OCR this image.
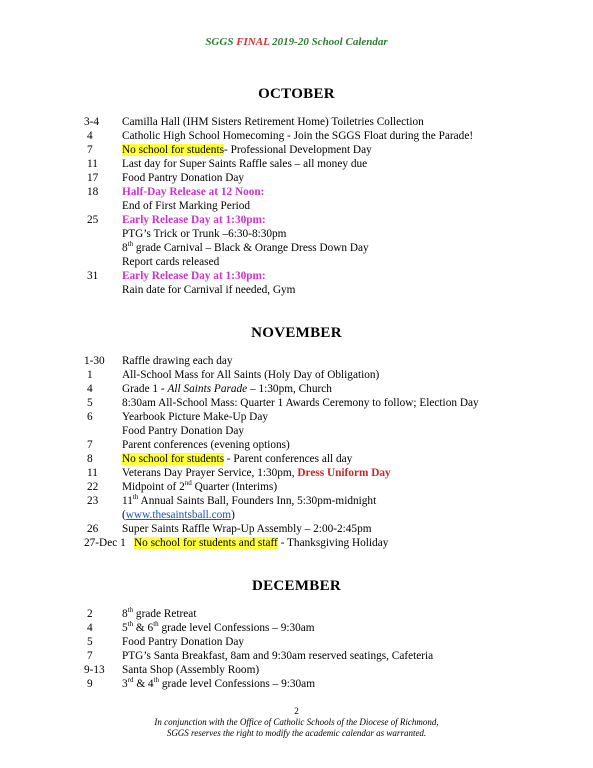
SGGS FINAL 2019-20 School Calendar
OCTOBER
3-4	Camilla Hall (IHM Sisters Retirement Home) Toiletries Collection
4	Catholic High School Homecoming - Join the SGGS Float during the Parade!
7	No school for students- Professional Development Day
11	Last day for Super Saints Raffle sales – all money due
17	Food Pantry Donation Day
18	Half-Day Release at 12 Noon:
End of First Marking Period
25	Early Release Day at 1:30pm:
PTG’s Trick or Trunk –6:30-8:30pm
8th grade Carnival – Black & Orange Dress Down Day
Report cards released
31	Early Release Day at 1:30pm:
Rain date for Carnival if needed, Gym
NOVEMBER
1-30	Raffle drawing each day
1	All-School Mass for All Saints (Holy Day of Obligation)
4	Grade 1 - All Saints Parade – 1:30pm, Church
5	8:30am All-School Mass: Quarter 1 Awards Ceremony to follow; Election Day
6	Yearbook Picture Make-Up Day
Food Pantry Donation Day
7	Parent conferences (evening options)
8	No school for students - Parent conferences all day
11	Veterans Day Prayer Service, 1:30pm, Dress Uniform Day
22	Midpoint of 2nd Quarter (Interims)
23	11th Annual Saints Ball, Founders Inn, 5:30pm-midnight
(www.thesaintsball.com)
26	Super Saints Raffle Wrap-Up Assembly – 2:00-2:45pm
27-Dec 1 No school for students and staff - Thanksgiving Holiday
DECEMBER
2	8th grade Retreat
4	5th & 6th grade level Confessions – 9:30am
5	Food Pantry Donation Day
7	PTG’s Santa Breakfast, 8am and 9:30am reserved seatings, Cafeteria
9-13	Santa Shop (Assembly Room)
9	3rd & 4th grade level Confessions – 9:30am
2
In conjunction with the Office of Catholic Schools of the Diocese of Richmond,
SGGS reserves the right to modify the academic calendar as warranted.
